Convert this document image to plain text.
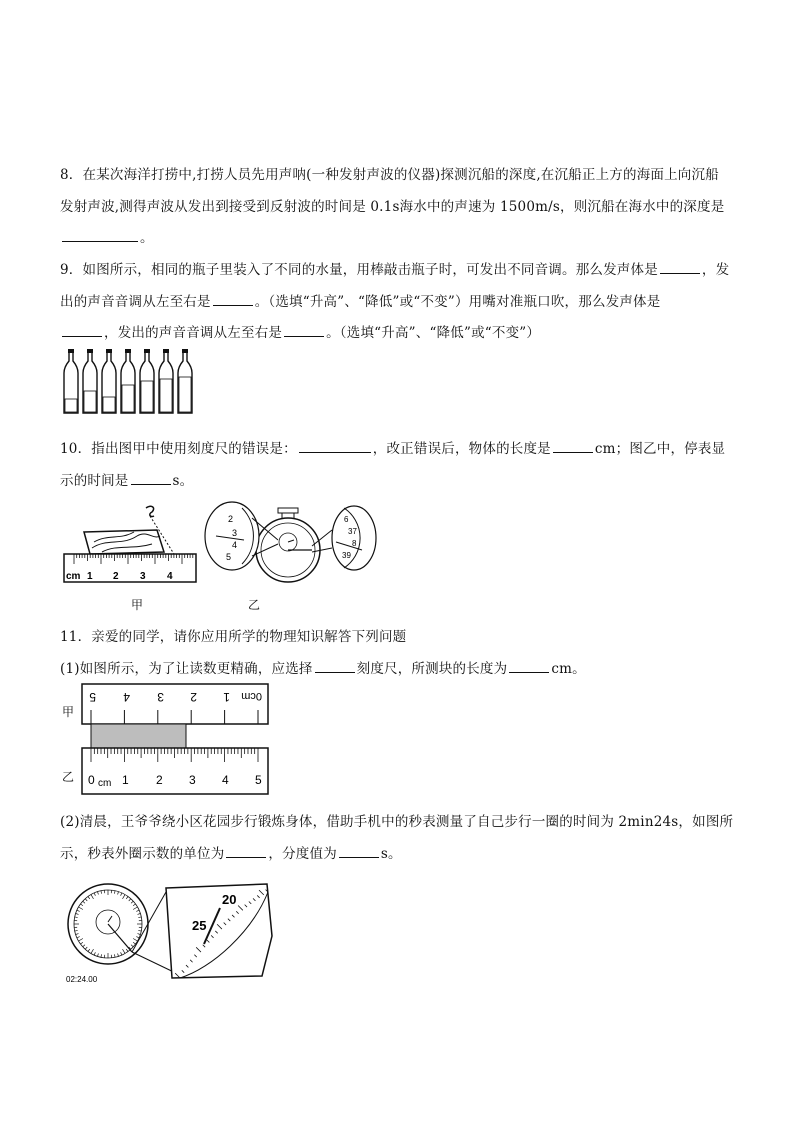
8．在某次海洋打捞中,打捞人员先用声呐(一种发射声波的仪器)探测沉船的深度,在沉船正上方的海面上向沉船
发射声波,测得声波从发出到接受到反射波的时间是 0.1s海水中的声速为 1500m/s，则沉船在海水中的深度是
。
9．如图所示，相同的瓶子里装入了不同的水量，用棒敲击瓶子时，可发出不同音调。那么发声体是	，发
出的声音音调从左至右是	。（选填“升高”、“降低”或“不变”）用嘴对准瓶口吹，那么发声体是
，发出的声音音调从左至右是	。（选填“升高”、“降低”或“不变”）
10．指出图甲中使用刻度尺的错误是：	，改正错误后，物体的长度是	cm；图乙中，停表显
示的时间是	s。
cm 1 2 3 4
甲
2
3
4
5
6
37
8
39
乙
11．亲爱的同学，请你应用所学的物理知识解答下列问题
(1)如图所示，为了让读数更精确，应选择	刻度尺，所测块的长度为	cm。
甲
乙
5 4 3 2 1 0cm
0 cm 1 2 3 4 5
(2)清晨，王爷爷绕小区花园步行锻炼身体，借助手机中的秒表测量了自己步行一圈的时间为 2min24s，如图所
示，秒表外圈示数的单位为	，分度值为	s。
20
25
02:24.00
